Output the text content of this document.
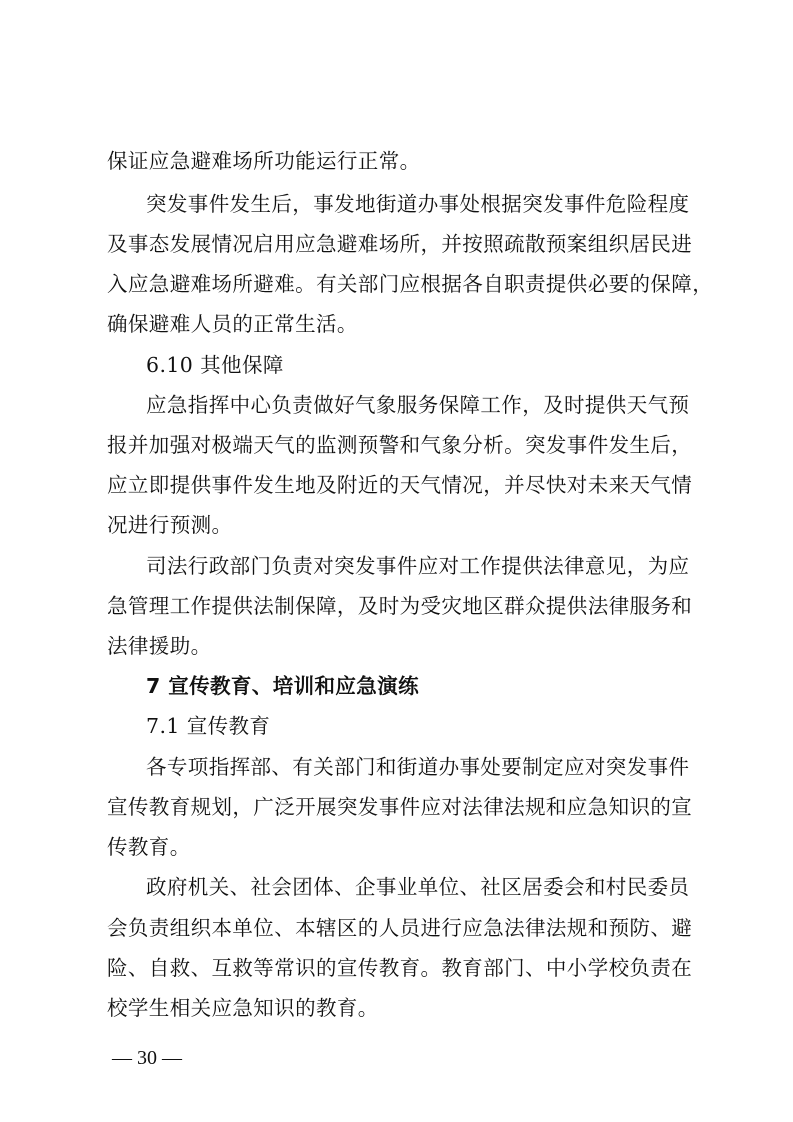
保证应急避难场所功能运行正常。

突发事件发生后，事发地街道办事处根据突发事件危险程度

及事态发展情况启用应急避难场所，并按照疏散预案组织居民进

入应急避难场所避难。有关部门应根据各自职责提供必要的保障，

确保避难人员的正常生活。

6.10 其他保障

应急指挥中心负责做好气象服务保障工作，及时提供天气预

报并加强对极端天气的监测预警和气象分析。突发事件发生后，

应立即提供事件发生地及附近的天气情况，并尽快对未来天气情

况进行预测。

司法行政部门负责对突发事件应对工作提供法律意见，为应

急管理工作提供法制保障，及时为受灾地区群众提供法律服务和

法律援助。

7 宣传教育、培训和应急演练

7.1 宣传教育

各专项指挥部、有关部门和街道办事处要制定应对突发事件

宣传教育规划，广泛开展突发事件应对法律法规和应急知识的宣

传教育。

政府机关、社会团体、企事业单位、社区居委会和村民委员

会负责组织本单位、本辖区的人员进行应急法律法规和预防、避

险、自救、互救等常识的宣传教育。教育部门、中小学校负责在

校学生相关应急知识的教育。

— 30 —
